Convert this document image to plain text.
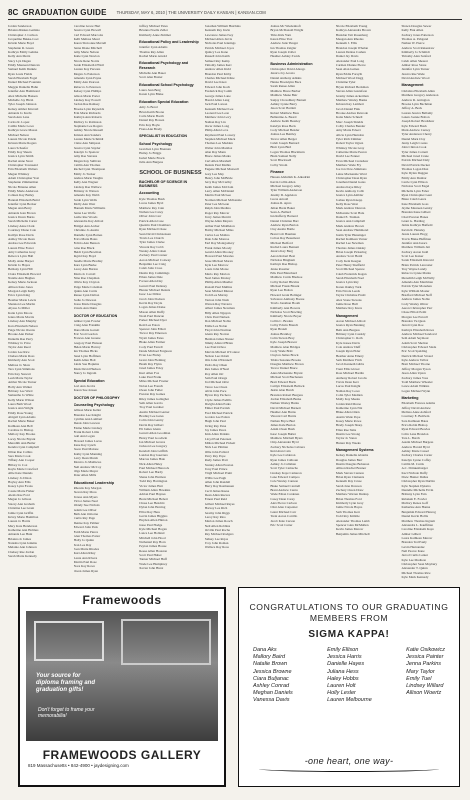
8C GRADUATION GUIDE THURSDAY, MAY 6, 2010 | THE UNIVERSITY DAILY KANSAN | KANSAN.COM
Jordan Sanderson
Brianna Rinker-Gamino
Christopher J. Carlson
Jacqueline Bakke-Coet
Kristin Marie Boyd
Stephanie R. Green
Kathryn Emily Gehrke
Kelly Ann Mertz
Stacy Lyn Dugan
Emily Maureen Duncan
Samuel Keith Dunkle
Ryan Louis Fields
Sarah Elizabeth Fogel
Daniel Michael Fountain
Meggie Danielle Hahn
Jennifer Ann Hammond
Alex Michelle Hansen
Michelle Joy Hirsh
Tyler Joseph Johnson
Kelsey Amber Kincaid
Amanda Jo Krebs
Sarah Ann Lane
Carlos R. Lopez
Caitlin Marie Lowe
Kathryn Grace Mason
Michael Nelson
Lauren Nicole Polzin
Kristen Marie Rogers
Laura Schaefer
Emily Kay Sheets
Jessica Lynn Smith
Rachel Anne Stout
Christopher Townsend
Erin Elizabeth Walters
Megan Whitney
Adam Christopher Yost
Stephanie Zimmerman
Nicole Brianne Allen
Emily Marie Anderson
Colleen Kay Bailey
Hannah Elizabeth Baird
Jennifer Lynn Becker
Megan Ann Berry
Amanda Jean Brown
Jessica Dawn Burns
Sarah Michelle Carter
Lindsey Anne Clark
Courtney Diane Cole
Kaitlyn Rose Davis
Ashley Nicole Dean
Andrea Lee Edwards
Lauren Elise Foster
Amy Catherine Gray
Rebecca Lynn Hall
Molly Anne Harper
Kristin Jo Hayes
Bethany Lynn Hill
Claire Elizabeth Howard
Natalie Ann Hughes
Kelsey Marie Jackson
Allison Kate Jones
Morgan Leigh Kelly
Erica Lynn King
Heather Marie Lewis
Shannon Lee Martin
Alyssa Jo Miller
Katie Lynn Moore
Jenna Marie Morris
Lindsay Ann Murphy
Kara Elizabeth Nelson
Paige Nicole Owens
Brooke Ann Parker
Danielle Rae Perry
Whitney Jo Price
Taylor Ann Reed
Jordan Lee Rice
Chelsea Marie Ross
Kimberly Ann Scott
Melissa Jo Shaw
Tara Lynn Simmons
Erin Kay Stewart
Leah Marie Taylor
Amber Nicole Turner
Holly Ann Walker
Brittany Lee Ward
Samantha Jo White
Kelly Marie Wilson
Laura Beth Wood
Jessica Ann Wright
Emily Rose Young
Abigail Lynn Adams
Rachel Marie Baker
Kathleen Ann Bell
Caroline Jo Bishop
Mallory Kay Brooks
Lacey Nicole Bryant
Meredith Ann Butler
Kendra Lynn Campbell
Jillian Rae Collins
Sara Marie Cook
Tiffany Ann Cooper
Hillary Jo Cox
Kayla Marie Crawford
Allie Kate Daniels
Lindsey Jo Dixon
Hayley Ann Ellis
Kasey Lynn Evans
Cassie Marie Fisher
Alexis Rae Ford
Megan Jo Gibson
Stacey Ann Graham
Christina Lee Grant
Jamie Lynn Griffin
Kristy Marie Hamilton
Lauren Jo Harris
Mary Kate Henderson
Katherine Ann Holmes
Amanda Lee Hunt
Brianna Jo James
Natasha Lynn Jenkins
Melanie Ann Johnson
Chelsey Rae Jordan
Sarah Marie Kennedy
Caroline Grace Hart
Jessica Lynn Howell
Carl Edward Marcotte
Kelli Melissa Mead
Karen Shavonne Merrell
Jenna Diane Mitchell
Amy Marie Nelson
Katie Lynn Newton
Nicole Rene Norris
Sarah Elizabeth O'Neil
Lauren Kay Parsons
Megan Jo Patterson
Amanda Lynn Payne
Emily Ann Pearson
Rebecca Jo Peterson
Kelsey Lynn Phillips
Alison Marie Porter
Lindsey Kay Powell
Jordan Rae Ramsey
Brooke Lynn Reynolds
Erin Marie Richards
Kathryn Ann Roberts
Mallory Jo Robinson
Stephanie Lee Rogers
Ashley Nicole Russell
Kristen Ann Sanders
Lauren Marie Schmidt
Claire Ann Simpson
Jessica Lynn Snyder
Katelyn Jo Spencer
Amy Rae Stevens
Megan Kay Sullivan
Caitlin Ann Thomas
Rachel Lynn Thompson
Emily Jo Tucker
Andrea Marie Vaughn
Kelly Ann Wagner
Lindsay Rae Wallace
Brittany Jo Watson
Amanda Kay Webb
Sarah Lynn Wells
Molly Ann West
Hannah Marie Williams
Jenna Lee Wolfe
Leslie Rae Woods
Alexandra Kay Abbott
Bridget Ann Archer
Christine Jo Austin
Danielle Lynn Barnes
Erica Marie Bates
Felicia Ann Benson
Gina Rae Black
Heidi Lynn Bowman
Ingrid Kay Boyd
Janelle Marie Bradley
Kara Lynn Burke
Lacey Ann Burton
Maria Jo Carroll
Nina Rae Chapman
Olivia Kay Clayton
Paige Marie Coleman
Quinn Ann Curtis
Renee Lynn Dalton
Sadie Jo Dawson
Tessa Marie Douglas
Ursula Ann Dunn
DOCTOR OF EDUCATION
Amber Lynn Fowler
Craig Alan Franklin
Dana Marie Garrett
Eric Scott Gordon
Frances Ann Greene
Gregory Paul Hanson
Helen Marie Harvey
Ian Thomas Hicks
Janet Lynn Hoffman
Keith Allen Holt
Linda Sue Hopkins
Mark David Hudson
Nancy Jo Ingram
Special Education
Lori Ann Jacobs
Karen Sue Jensen
DOCTOR OF PHILOSOPHY
Counseling Psychology
Allison Marie Keller
Brandon Lee Knight
Cynthia Ann Lambert
Derek John Lawson
Elaine Marie Lindsey
Frank Robert Little
Gail Ann Logan
Howard James Lucas
Irene Kay Lynch
Jason Paul Malone
Kathy Lynn Manning
Larry Dean Marsh
Monica Jo Matthews
Neil Andrew McCoy
Olga Marie Meyer
Peter Allen Mills
Educational Leadership
Rhonda Kay Morgan
Steven Ray Moss
Teresa Ann Myers
Victor James Neal
Wendy Sue Nichols
Adam Lee Oliver
Beth Ann Osborne
Curtis Ray Page
Denise Kay Palmer
Edward John Park
Faith Marie Pierce
Glen Thomas Potter
Holly Jo Quinn
Ivan Lee Ray
Joan Marie Rhodes
Kurt Allen Riley
Laura Ann Rivera
Martin Paul Rose
Nora Kay Rowe
Owen James Ryan
Jeffrey Michael Yates
Brianna Noelle Zeller
Kimberly Anne Zimmer
Educational Policy and Leadership
Jennifer Lynn Adams
Thomas Ray Allen
Rachel Marie Arnold
Educational Psychology and Research
Michelle Ann Bauer
Scott Alan Baxter
Educational School Psychology
Laura Jean Berg
Karen Lynn Blake
Education Special Education
Amy Jo Bond
Brian Keith Boone
Carla Marie Booth
Daniel Ray Bowen
Erin Kay Boyle
Fiona Ann Brady
SPECIALIST IN EDUCATION
School Psychology
Gretchen Lynn Brennan
Hailey Jo Briggs
Isabel Marie Brock
Julia Ann Burgess
SCHOOL OF BUSINESS
BACHELOR OF SCIENCE IN BUSINESS
Accounting
Kyle Thomas Bush
Lucas James Byrd
Matthew Ray Cain
Nathan Lee Carey
Oliver John Carr
Patrick Allen Case
Quentin Paul Chambers
Ryan Michael Chase
Sean David Christensen
Travis Lee Church
Tyler James Clarke
Vincent Ray Cobb
Wesley Allen Cohen
Zachary Paul Conner
Aaron Michael Conway
Benjamin Lee Craig
Caleb John Cross
Dustin Ray Cummings
Ethan James Dale
Forrest Allen Day
Garrett Paul Delaney
Hunter Michael Dennis
Isaac Lee Dillon
Jacob John Dodson
Kevin Ray Doyle
Logan James Drake
Mason Allen Duffy
Noah Paul Duncan
Parker Michael Dyer
Reid Lee Eaton
Spencer John Elliott
Trevor Ray Emerson
Wyatt James Estes
Blake Allen Farmer
Cody Paul Farrell
Derek Michael Ferguson
Evan Lee Finley
Grant John Fleming
Heath Ray Flynn
Jared James Foley
Kurt Allen Fox
Luke Paul Frank
Miles Michael Frazier
Nolan Lee French
Owen John Fuller
Preston Ray Gaines
Riley James Gallagher
Seth Allen Garcia
Troy Paul Gardner
Austin Michael Garner
Bradley Lee Gates
Colin John Gentry
Devin Ray Gilbert
Eli James Glenn
Garrett Allen Goodman
Henry Paul Goodwin
Ian Michael Graves
Jackson Lee Gregory
Kendall John Griffith
Landon Ray Guerrero
Marcus James Hale
Nick Allen Haley
Paul Michael Hancock
Robert Lee Hardy
Shane John Harmon
Todd Ray Harrington
Victor James Hart
William Allen Hawkins
Adrian Paul Haynes
Brent Michael Hebert
Chase Lee Hendrix
Dylan John Herring
Elliot Ray Hess
Gavin James Higgins
Hayden Allen Hinton
Jesse Paul Hodge
Kyle Michael Hogan
Lance Lee Holland
Mitchell John Hood
Nathaniel Ray Horn
Peyton James House
Reese Allen Houston
Scott Paul Huber
Tanner Michael Huff
Wade Lee Humphrey
Xavier John Hurst
Jonathan William Hutchins
Kenneth Ray Irwin
Lawrence James Ivey
Michael Allen Jarvis
Nicholas Paul Jennings
Patrick Michael Joyce
Quincy Lee Kane
Russell John Keith
Samuel Ray Kemp
Timothy James Kerr
Andrew Allen Kidd
Brandon Paul Kirby
Charles Michael Kline
David Lee Knox
Edward John Koch
Frederick Ray Lamb
George James Lane
Harold Allen Lang
Jack Paul Larson
Kenneth Michael Lee
Leonard Lee Leon
Matthew John Levy
Nathan Ray Lin
Oscar James Long
Philip Allen Love
Raymond Paul Lowery
Stephen Michael Mack
Thomas Lee Madden
Walter John Maddox
Alan Ray Mann
Bruce James Marks
Carl Allen Marshall
Dennis Paul Mathis
Eugene Michael Maxwell
Gary Lee May
Henry John McBride
Jerry Ray McCarthy
Keith James McClain
Larry Allen McDaniel
Martin Paul McGee
Norman Michael McKenzie
Peter Lee McLean
Ralph John Medina
Roger Ray Mercer
Terry James Merritt
Wayne Allen Meyers
Arthur Paul Middleton
Bobby Michael Miles
Carlos Lee Molina
Dale John Monroe
Earl Ray Montgomery
Frank James Moody
Gerald Allen Mooney
Howard Paul Morales
Jesse Michael Moran
Kyle Lee Morrow
Louis John Morse
Mario Ray Morton
Neal James Mosley
Phillip Allen Mueller
Ronald Paul Mullins
Sean Michael Munoz
Todd Lee Murray
Vernon John Nash
Warren Ray Navarro
Albert James Newman
Billy Allen Nguyen
Chris Paul Nielsen
Don Michael Noble
Eddie Lee Nolan
Floyd John Norman
Glenn Ray Norton
Herman James Nunez
Jimmy Allen O'Brien
Lee Paul Ochoa
Marvin Michael O'Connor
Nelson Lee Odom
Otis John O'Donnell
Pedro Ray Olsen
Rex James O'Neal
Roy Allen Orr
Sam Paul Ortega
Ted Michael Ortiz
Vance Lee Owen
Alvin John Pace
Byron Ray Pacheco
Clyde James Padilla
Dwight Allen Parks
Elmer Paul Parrish
Fred Michael Patrick
Gordon Lee Patton
Hugh John Paul
Irving Ray Pena
Jay James Perez
Kirk Allen Perkins
Lloyd Paul Petersen
Milton Michael Pickett
Nick Lee Pittman
Ollie John Pollard
Perry Ray Pope
Rudy James Pratt
Stanley Allen Preston
Tony Paul Prince
Virgil Michael Pruitt
Willis Lee Pugh
Allen John Randall
Barry Ray Rasmussen
Cecil James Reese
Dean Allen Reeves
Ernest Paul Reid
Gilbert Michael Reyes
Harvey Lee Rich
Jeremy John Riggs
Leroy Ray Rios
Marion James Roach
Neil Allen Robbins
Orville Paul Rocha
Ray Michael Rodgers
Sidney Lee Rojas
Troy John Roman
Wallace Ray Rosa
Joshua Mc Wiedenhoft
Bryan McDonald Wright
Timo Kirk Yarn
Karen Elise Yost
Andrew Jude Yunger
Ian Thomas Zeigler
Ryan Joseph Zoller
Heather Ashley Zwick
Business Administration
Christopher David Abrego
Jessica Joy Acosta
Daniel Anthony Adkins
Hanna Brooklynn Baca
Sarah Renee Allen
Matthew Bruce Barber
Matthew Shane Bair
Sanjay Chowdhury Barnett
Ashley Lynne Barry
Jason Scott Bartlett
Robert Matthew Bass
Ballantine A. Beard
Andrew Keith Beasley
Katelyn Rose Beck
Cody Michael Bender
Joshua Lee Bentley
Trevor Allen Berger
Caleb Joseph Bernard
Blair Lynn Bird
Logan Thomas Blackburn
Blain Samuel Nelly
Scott Blackwell
Colby Strom
Finance
Hassan Abdullah K. Alkadrini
Kevin Collin Allen
Michael Gregory Alley
Tyler William Anderson
Jeremy D. Appleton
Lucas Arnold
Joshua R. Ayers
Julian Brent Baker
Sean A. Ballard
Ian Rafferty Barnard
Daniel Christian Barr
Andrew Ryan Barton
Clay Austin Battle
Brent Colt Bauman
Colton Ray Beaumont
Michael Bedford
Rachel Laura Bennett
Jessica Kay Berg
Aaron Robert Best
Nicholas Bingham
Kathryn Rae Bishop
Jenna Rossiter
Erik Paul Blanchard
Matthew Curtis Bledsoe
Colby Robert Blevins
Michael Frank Blount
Ryan Lee Bolton
Howard Grant Bolinger
Salvatore Anthony Boone
Travis Jonathan Booth
Kimberly Ann Bowers
Nicholas Scott Bowling
Kimberly Nicole Boyer
Collin C. Braden
Colby Edwin Branch
Ryan Brandt
Joshua Brantley
Colin Steven Bray
Kyle Joseph Brewer
Matthew Alan Bridges
Cody Wade Britt
Clayton James Brock
Trisha Suzanne Brooks
Douglas Matthew Brown
Trevor Daniel Bruce
Anna Mackenzie Bryant
Michael Scott Buchanan
Brett Edward Buck
Caitlyn Elizabeth Bullock
Justin Alan Burch
Brandon Robert Burgess
Jordan Elizabeth Burke
Nathan Wesley Burks
David Michael Burnett
Heather Ann Burns
Vincent Carl Burris
Nathan Bryce Burt
James Kale Burton
Adam Owen Bush
Isaac Joseph Butler
Matthew Mitchell Byers
Chip Alexander Byrd
Zachary Nicholas Cabrera
Reid Alan Cain
Kyle Lee Calderon
Ryan James Calhoun
Ashley Jo Callahan
Scott Tyler Camacho
Lindsey Kaye Cameron
Lane Edward Campos
Cole Wesley Cannon
Blake Samuel Cantrell
Brent Andrew Cantu
Wade Ethan Cardenas
Casey Dean Carey
Alex Pierce Carlson
Clint Alan Carpenter
Grant Michael Carr
Trent Aaron Carrillo
Jacob Kale Carson
Eric Scott Carter
Nicole Elizabeth Young
Kathryn Alexandra Brown
Brendan Tait Rosenberg
Meagan Ann Rhodes
Kenneth J. Ellis
Brandon Joseph Whelan
Lauren Denise Cashen
Daniel Jay Davis
Alexander Paul Long
Carmen Dianne Pierce
Sean Alan Gaines
Ryan Eddie Forsyth
Michael Wood Dagg
Christine Tyler
Bryan Richard Beckman
Steven Allen Gustafson
Jeremy James Ackerman
Matthew Wesley Banks
Kristen Kay Lambert
Jacob Daniel Fink
Brooke Andrea Rexrode
Katie Marie Schnell
Marc Joseph Shields
Colby Charles Bender
Amy Marie Eckert
Alicia Lynn Herndon
Tyler Rich Zimmer
Robert Taylor Ogren
Whitney Nicole Gray
Catherine Marie Pearce
David Lee Fenner
Evan Michael Crenshaw
Matthew Wade Fry
Joe Jon Dow-Simmons
Laine Mackenzie Ward
Christopher Dean Ryan
Jonathan Daniel Gates
Andrea Kaye Riley
Kevin Anthony Cobb
Jessica Lynn Ambler
Joshua Ryan Knopp
Kelly Rose West
Mark Andrew Duncan
McKenzie Scott Hale
Daniel E. Truman
Jessica Ann Campbell
Mark Andrew Brown
Sean Andrew Hammond
Justin Tyler Hunsinger
Rachel Kathleen Varner
Rachel Lee Newman
Thomas James Oakley
Brian Joseph Pickering
Andrew Scott Heidt
Cody Kent Keegan
Peter Henry Sheffield
Scott Michael Spence
Caleb Frederick Kagan
Sarah Elizabeth Noel
Jessica Lynn Ray
Karen Oakley Turk
Erin Nicole Leeds
Taylor Christine Pruitt
Alex Stone Stevens
Jamie Rose Hull
Matthew Roy Knox
Management
Aaron Michael Abbott
Jessica Ryan Banning
Beth Ann Burgess
Brittany Lynn Cassidy
Christopher C. Roth
Kyle Jessee Davis
Cole Andrew Duff
Joseph Ryan Elder
Heather Anne Emery
Seth Matthew Fitch
Jacob Kenneth Gibbs
Trent Ellis Glover
Ross Michael Hardin
Anthony Robert Jacobs
Travis Dean Kerr
Lucas Paul Knight
Nathan Ray Lowe
Colin Tyler Madden
Molly Kay Meeks
Jordan Reid Morse
Katherine Lynn Nix
Blake Allen Oden
Austin Wade Pope
Kasey Marie Rowe
Brady Joseph Sharp
Ellen Rae Sims
Dustin Lee Strong
Taylor Jo Vance
Hunter Ray Weeks
Management Systems
Kelsey Danielle Abrams
Douglas James Barr
Dustin Douglas Bohanon
Allison Rachel Bonner
Mark Steven Cannon
Brian Ryan Clements
Kenneth Ray Cruse
Sarah Jane Dawson
Zachary Owen Drew
Matthew Warren Dunlap
Brian Thomas Ford
Kimberly Lynn Gray
Jamie Nicole Hayes
Seth Thomas Kerr
Todd Roy Kimble
Alexander Thomas Lamb
Spencer Glen McMullen
Kevin James Mercer
Benjamin James Mitchell
Shawn Douglas Sewer
Kelly Fisk Allen
Zachary Jones Patterson
Thomas A. Pahgarel
Nathan W. Pierce
Andrew Scott Rakestraw
Kimberly Jo Schmidt
Timothy Alan Sanford
Caleb Allen Shearer
Amber Rose Stone
Jennifer Lynn Turner
Jessica Rae Wade
David Andrew Wood
Management
Christina Elizabeth Allen
Matthew Gregory Anderson
Andrew R. Arrington
Brooke Lynn Bachman
Jeffrey A. Beck
Lauren Jessica Bellamy
Laken Joanne Bolton
Joseph Robert Bradshaw
Kyle Edward Bush
Mark Andrew Carney
Tyler Anderson Cherry
Daniel Mark Clay
Jenny Leigh Coates
John Clinton Cook
Tyler James Cornett
Michael Jared Crane
Patrick Michael Daly
David Patrick Decker
Thomas Logan Diaz
Kyle Dylan Duggan
Emily Ann Dunbar
Carrie Lynn Ellison
Nicholas Scott Engel
Michelle Lynn Faber
Ryan Christopher Gant
Blaze Caleb Garza
Kate Elizabeth Goss
Jayme Maureen Gentry
Brendan Kane Gilbert
Chad Preston Hanes
Grant G. Harding
Jamie Kathryn Hatfield
Kevin R. Hensley
Jessie Lauren Hogg
Travis Blake Huffman
Jennifer Ann Isaacs
Matthew William Jett
Zachary Aaron Judd
Scott Lee Kaiser
Sarah Elizabeth Kincaid
Brian Patrick Lancaster
Trey Wayne Lundy
Rebecca Lynne Marks
Meredith Leigh McNally
Amanda Ann Merriman
Patrick Tyler Monahan
Kyle William Mosier
Bradford Michael Neff
Andrew James Noble
Cody Wesley Oliver
Aaron Christopher Parr
Chase Elliott Pettit
Morgan Lee Purcell
Brandon Vu Quan
Jarrett Lynn Roe
Kathryn Elizabeth Rowe
Andrew Michael Sandoval
Seth Adam Seymour
Adam Scott Shelton
Christopher Edward Slade
Eric Scott Spalding
Derrick Michael Stroud
Kyle Andrew Talbot
Brett Michael Thorne
Jeffrey Morgan Tyson
Jason Allen Upton
Zachary James Voss
Todd Matthew Wheeler
Lance Adam Wilkins
Logan Michael Wynn
Marketing
Elizabeth Frances Adams
Jeffrey David Andrew
Melissa Anne Ashford
Courtney E. Baldwin
Sara Kathleen Bates
Erica Robin Bishop
Ryan Edward Bowles
Colin Lane Brandon
Tara L. Burch
Austin Michael Burgess
Andrew Harold Byrd
Ashley Marie Cassel
Zachary Charles Carter
Katelyn Lynne Coffey
Caitlin M. Curtis
A.C. Drinkenburger
Kaci Nichole Duffy
Drew Hunter Dulles
Christopher Ryan Durbin
Kyle Stephen Dykstra
Danielle Michelle Ervin
Brittany Lynn Fain
Rebekah E. Fowler
Mallory Renee Goff
Katherine Ann Hanna
Benjamin Edward Herzog
Daniel Kevin Hollis
Matthew Thomas Ingram
Alexandra L. Kauffman
Caroline Elizabeth Kaye
Amber Gilbert
Laura Kathleen Mercer
Brandon Ted Pauly
Gavin Hernandez
Neil Pearce Kane
Jarrod Curtis Lanier
Kyle Lee Madison
Christopher Sean Maybury
Alexander T. Quinn
Michael Thomas Rice
Kyle Mark Kennedy
Framewoods
Your source for diploma framing and graduation gifts!
Don't forget to frame your memorabilia!
FRAMEWOODS GALLERY
819 Massachusetts • 842-4900 • jaydesigning.com
CONGRATULATIONS TO OUR GRADUATING MEMBERS FROM
SIGMA KAPPA!
Dana Aks
Mallory Baird
Natalie Brown
Jessica Browne
Ciara Buljanac
Ashley Conrad
Meghan Daniels
Vanessa Davis
Emily Ellison
Jessica Harris
Danielle Hayes
Juliana Hess
Haley Hobbs
Lauren Holt
Holly Lesler
Lauren Melbourne
Katie Osikowicz
Jessica Painter
Jenna Parkins
Mary Taylor
Emily Tuel
Lindsey Willard
Allison Woertz
-one heart, one way-
